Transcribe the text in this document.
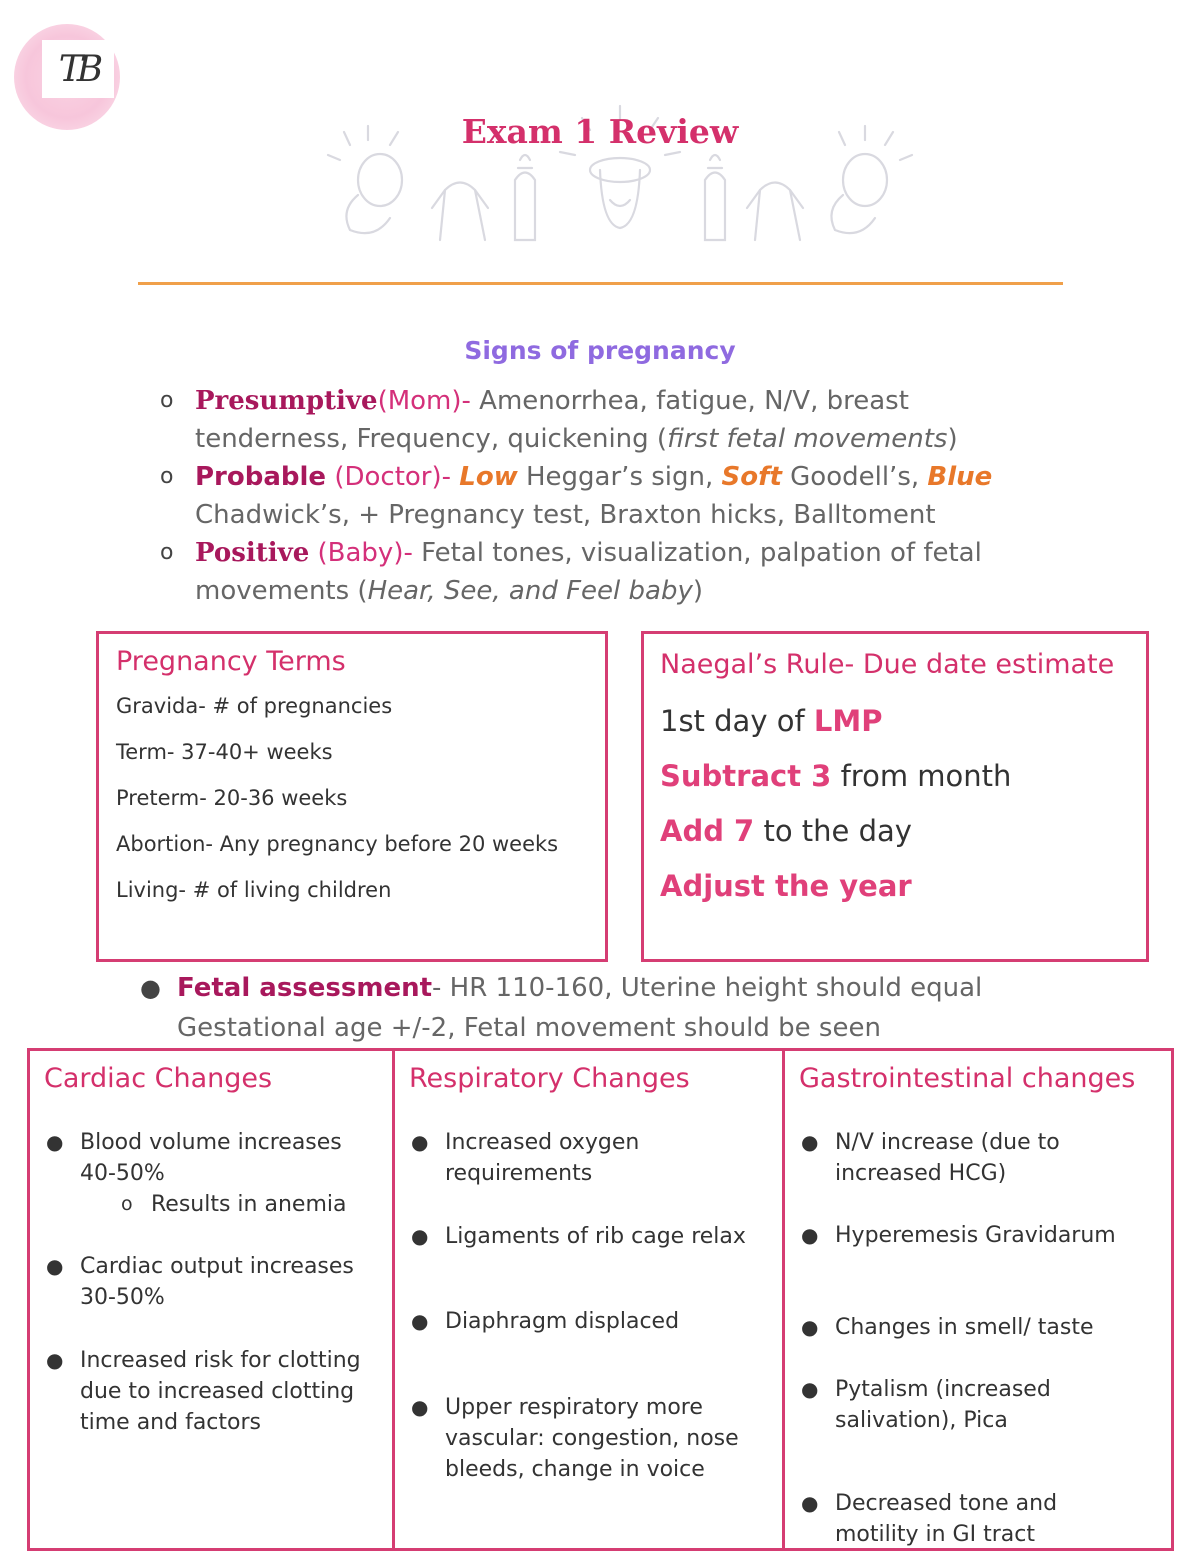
TB
Exam 1 Review
Signs of pregnancy
o Presumptive(Mom)- Amenorrhea, fatigue, N/V, breast tenderness, Frequency, quickening (first fetal movements)
o Probable (Doctor)- Low Heggar’s sign, Soft Goodell’s, Blue Chadwick’s, + Pregnancy test, Braxton hicks, Balltoment
o Positive (Baby)- Fetal tones, visualization, palpation of fetal movements (Hear, See, and Feel baby)
Pregnancy Terms
Gravida- # of pregnancies
Term- 37-40+ weeks
Preterm- 20-36 weeks
Abortion- Any pregnancy before 20 weeks
Living- # of living children
Naegal’s Rule- Due date estimate
1st day of LMP
Subtract 3 from month
Add 7 to the day
Adjust the year
● Fetal assessment- HR 110-160, Uterine height should equal Gestational age +/-2, Fetal movement should be seen
Cardiac Changes
● Blood volume increases 40-50%
o Results in anemia
● Cardiac output increases 30-50%
● Increased risk for clotting due to increased clotting time and factors
Respiratory Changes
● Increased oxygen requirements
● Ligaments of rib cage relax
● Diaphragm displaced
● Upper respiratory more vascular: congestion, nose bleeds, change in voice
Gastrointestinal changes
● N/V increase (due to increased HCG)
● Hyperemesis Gravidarum
● Changes in smell/ taste
● Pytalism (increased salivation), Pica
● Decreased tone and motility in GI tract
